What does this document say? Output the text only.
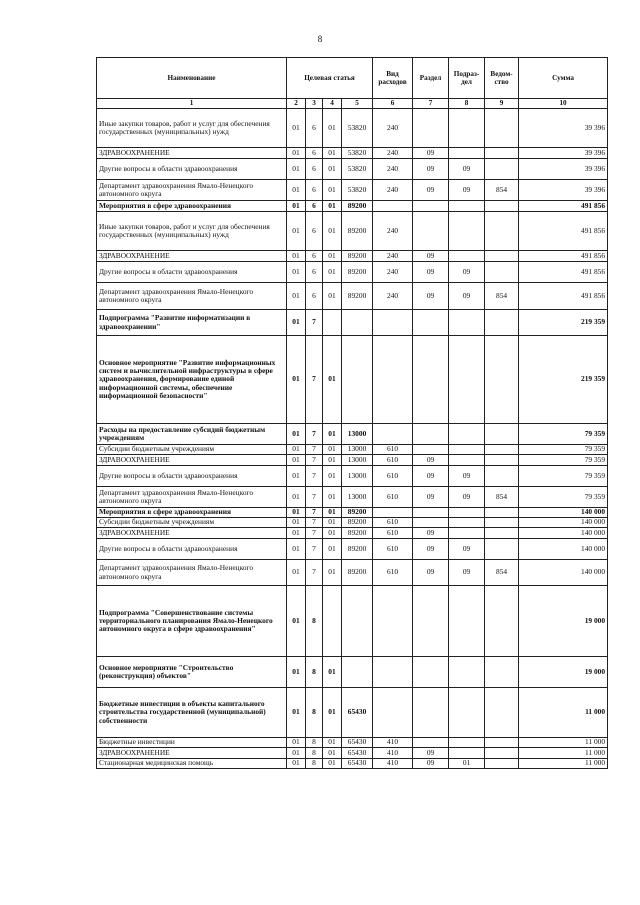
8
Наименование	Целевая статья				Вид расходов	Раздел	Подраз- дел	Ведом- ство	Сумма
1	2	3	4	5	6	7	8	9	10
Иные закупки товаров, работ и услуг для обеспечения государственных (муниципальных) нужд	01	6	01	53820	240				39 396
ЗДРАВООХРАНЕНИЕ	01	6	01	53820	240	09			39 396
Другие вопросы в области здравоохранения	01	6	01	53820	240	09	09		39 396
Департамент здравоохранения Ямало-Ненецкого автономного округа	01	6	01	53820	240	09	09	854	39 396
Мероприятия в сфере здравоохранения	01	6	01	89200					491 856
Иные закупки товаров, работ и услуг для обеспечения государственных (муниципальных) нужд	01	6	01	89200	240				491 856
ЗДРАВООХРАНЕНИЕ	01	6	01	89200	240	09			491 856
Другие вопросы в области здравоохранения	01	6	01	89200	240	09	09		491 856
Департамент здравоохранения Ямало-Ненецкого автономного округа	01	6	01	89200	240	09	09	854	491 856
Подпрограмма "Развитие информатизации в здравоохранении"	01	7							219 359
Основное мероприятие "Развитие информационных систем и вычислительной инфраструктуры в сфере здравоохранения, формирование единой информационной системы, обеспечение информационной безопасности"	01	7	01						219 359
Расходы на предоставление субсидий бюджетным учреждениям	01	7	01	13000					79 359
Субсидии бюджетным учреждениям	01	7	01	13000	610				79 359
ЗДРАВООХРАНЕНИЕ	01	7	01	13000	610	09			79 359
Другие вопросы в области здравоохранения	01	7	01	13000	610	09	09		79 359
Департамент здравоохранения Ямало-Ненецкого автономного округа	01	7	01	13000	610	09	09	854	79 359
Мероприятия в сфере здравоохранения	01	7	01	89200					140 000
Субсидии бюджетным учреждениям	01	7	01	89200	610				140 000
ЗДРАВООХРАНЕНИЕ	01	7	01	89200	610	09			140 000
Другие вопросы в области здравоохранения	01	7	01	89200	610	09	09		140 000
Департамент здравоохранения Ямало-Ненецкого автономного округа	01	7	01	89200	610	09	09	854	140 000
Подпрограмма "Совершенствование системы территориального планирования Ямало-Ненецкого автономного округа в сфере здравоохранения"	01	8							19 000
Основное мероприятие "Строительство (реконструкция) объектов"	01	8	01						19 000
Бюджетные инвестиции в объекты капитального строительства государственной (муниципальной) собственности	01	8	01	65430					11 000
Бюджетные инвестиции	01	8	01	65430	410				11 000
ЗДРАВООХРАНЕНИЕ	01	8	01	65430	410	09			11 000
Стационарная медицинская помощь	01	8	01	65430	410	09	01		11 000
